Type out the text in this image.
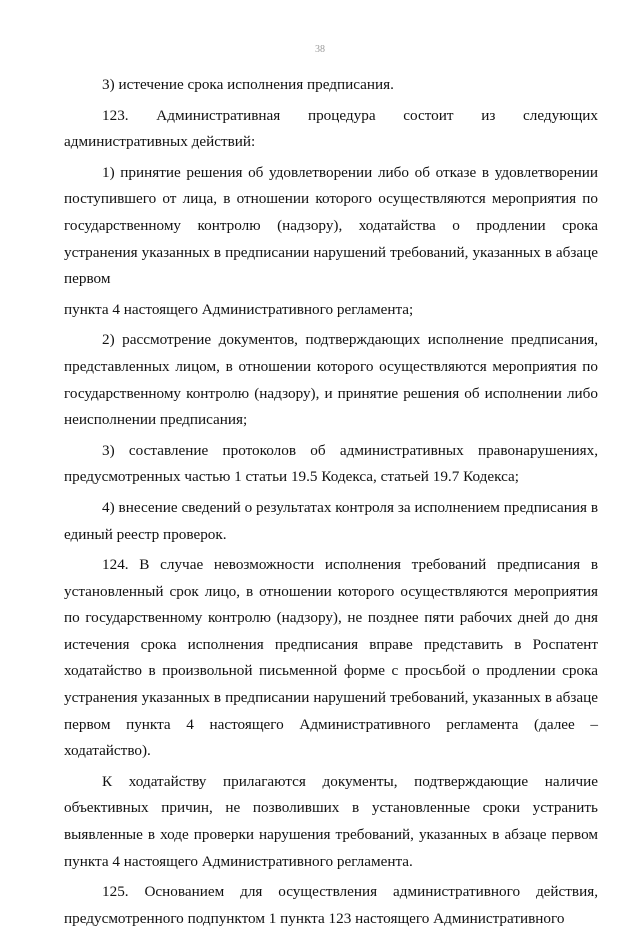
38

3) истечение срока исполнения предписания.

123. Административная процедура состоит из следующих административных действий:

1) принятие решения об удовлетворении либо об отказе в удовлетворении поступившего от лица, в отношении которого осуществляются мероприятия по государственному контролю (надзору), ходатайства о продлении срока устранения указанных в предписании нарушений требований, указанных в абзаце первом

пункта 4 настоящего Административного регламента;

2) рассмотрение документов, подтверждающих исполнение предписания, представленных лицом, в отношении которого осуществляются мероприятия по государственному контролю (надзору), и принятие решения об исполнении либо неисполнении предписания;

3) составление протоколов об административных правонарушениях, предусмотренных частью 1 статьи 19.5 Кодекса, статьей 19.7 Кодекса;

4) внесение сведений о результатах контроля за исполнением предписания в единый реестр проверок.

124. В случае невозможности исполнения требований предписания в установленный срок лицо, в отношении которого осуществляются мероприятия по государственному контролю (надзору), не позднее пяти рабочих дней до дня истечения срока исполнения предписания вправе представить в Роспатент ходатайство в произвольной письменной форме с просьбой о продлении срока устранения указанных в предписании нарушений требований, указанных в абзаце первом пункта 4 настоящего Административного регламента (далее – ходатайство).

К ходатайству прилагаются документы, подтверждающие наличие объективных причин, не позволивших в установленные сроки устранить выявленные в ходе проверки нарушения требований, указанных в абзаце первом пункта 4 настоящего Административного регламента.

125. Основанием для осуществления административного действия, предусмотренного подпунктом 1 пункта 123 настоящего Административного
